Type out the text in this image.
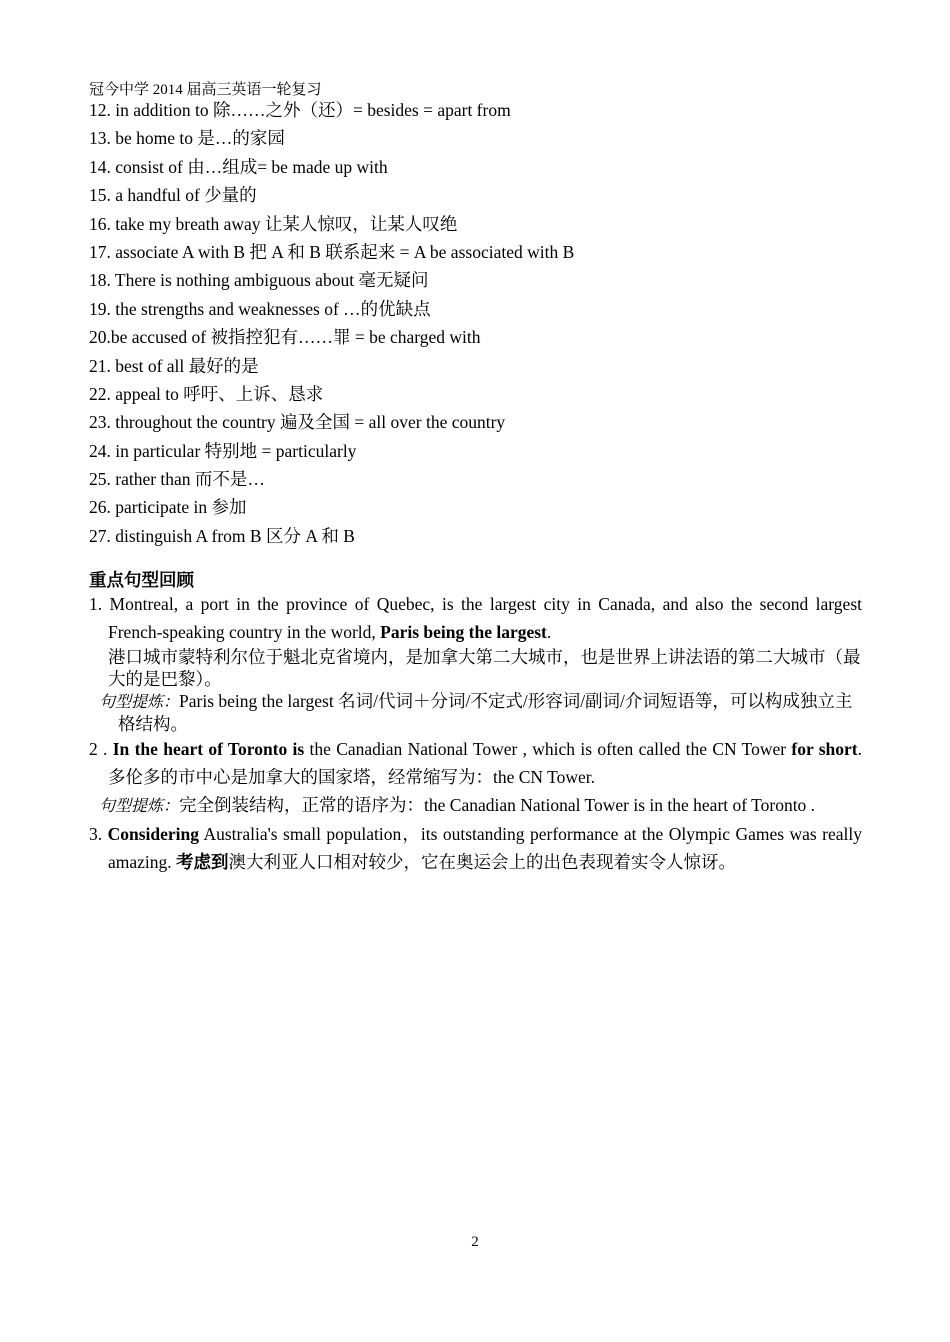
冠今中学 2014 届高三英语一轮复习
12. in addition to 除……之外（还）= besides = apart from
13. be home to 是…的家园
14. consist of 由…组成= be made up with
15. a handful of 少量的
16. take my breath away 让某人惊叹，让某人叹绝
17. associate A with B 把 A 和 B 联系起来 = A be associated with B
18. There is nothing ambiguous about 毫无疑问
19. the strengths and weaknesses of …的优缺点
20.be accused of 被指控犯有……罪 = be charged with
21. best of all 最好的是
22. appeal to 呼吁、上诉、恳求
23. throughout the country 遍及全国 = all over the country
24. in particular 特别地 = particularly
25. rather than 而不是…
26. participate in 参加
27. distinguish A from B 区分 A 和 B
重点句型回顾
1. Montreal, a port in the province of Quebec, is the largest city in Canada, and also the second largest French-speaking country in the world, Paris being the largest.
港口城市蒙特利尔位于魁北克省境内，是加拿大第二大城市，也是世界上讲法语的第二大城市（最大的是巴黎）。
句型提炼：Paris being the largest 名词/代词＋分词/不定式/形容词/副词/介词短语等，可以构成独立主格结构。
2 . In the heart of Toronto is the Canadian National Tower , which is often called the CN Tower for short. 多伦多的市中心是加拿大的国家塔，经常缩写为：the CN Tower.
句型提炼：完全倒装结构，正常的语序为：the Canadian National Tower is in the heart of Toronto .
3. Considering Australia's small population，its outstanding performance at the Olympic Games was really amazing. 考虑到澳大利亚人口相对较少，它在奥运会上的出色表现着实令人惊讶。
2
